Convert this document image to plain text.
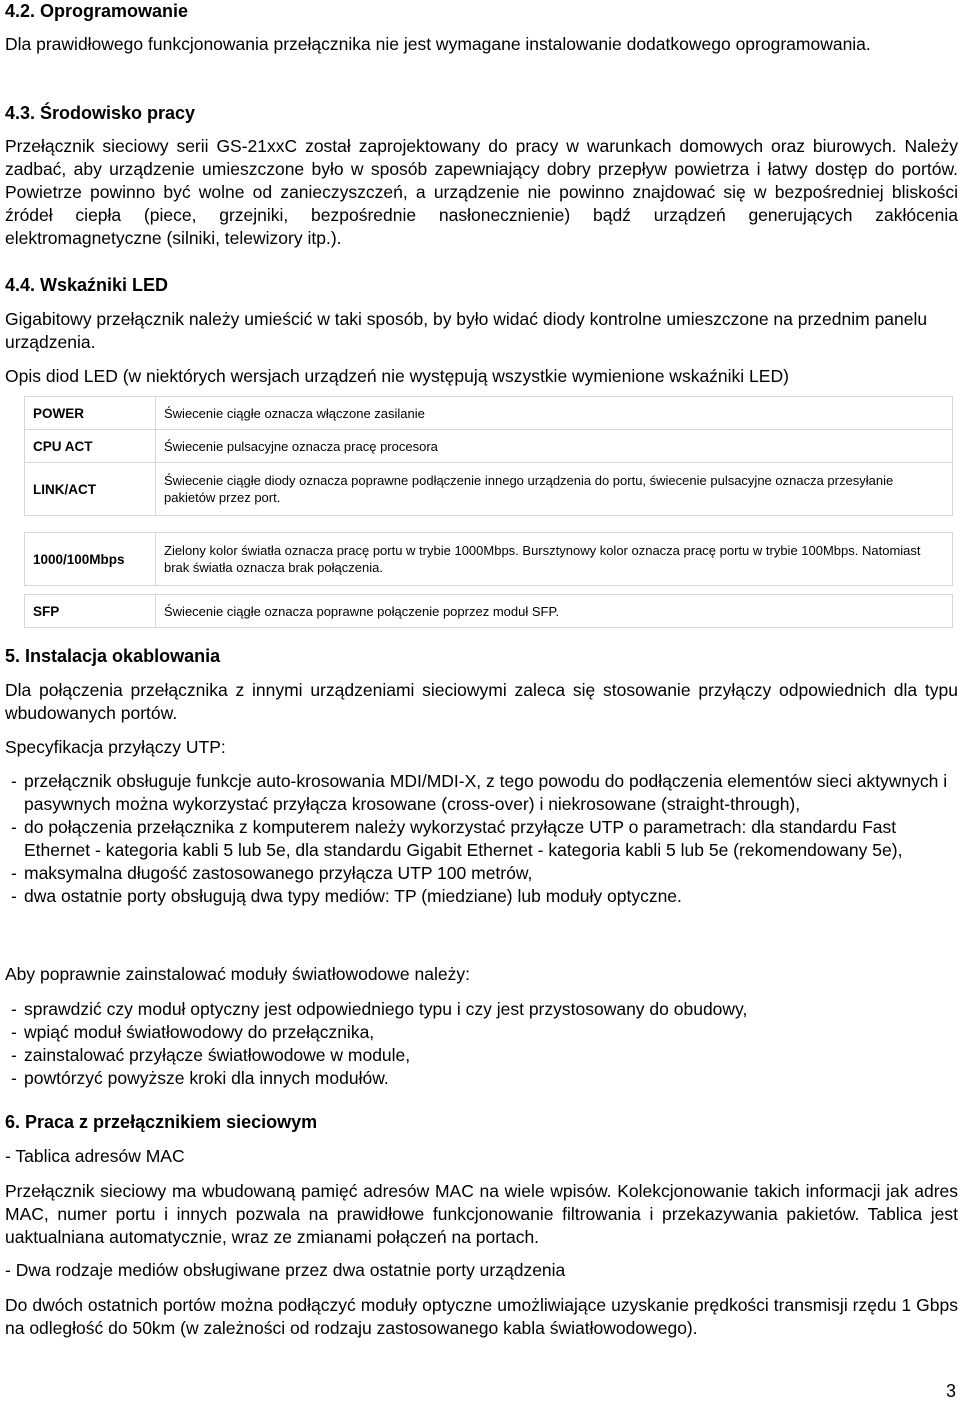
4.2. Oprogramowanie

Dla prawidłowego funkcjonowania przełącznika nie jest wymagane instalowanie dodatkowego oprogramowania.

4.3. Środowisko pracy

Przełącznik sieciowy serii GS-21xxC został zaprojektowany do pracy w warunkach domowych oraz biurowych. Należy zadbać, aby urządzenie umieszczone było w sposób zapewniający dobry przepływ powietrza i łatwy dostęp do portów. Powietrze powinno być wolne od zanieczyszczeń, a urządzenie nie powinno znajdować się w bezpośredniej bliskości źródeł ciepła (piece, grzejniki, bezpośrednie nasłonecznienie) bądź urządzeń generujących zakłócenia elektromagnetyczne (silniki, telewizory itp.).

4.4. Wskaźniki LED

Gigabitowy przełącznik należy umieścić w taki sposób, by było widać diody kontrolne umieszczone na przednim panelu urządzenia.

Opis diod LED (w niektórych wersjach urządzeń nie występują wszystkie wymienione wskaźniki LED)

POWER	Świecenie ciągłe oznacza włączone zasilanie
CPU ACT	Świecenie pulsacyjne oznacza pracę procesora
LINK/ACT	Świecenie ciągłe diody oznacza poprawne podłączenie innego urządzenia do portu, świecenie pulsacyjne oznacza przesyłanie pakietów przez port.

1000/100Mbps	Zielony kolor światła oznacza pracę portu w trybie 1000Mbps. Bursztynowy kolor oznacza pracę portu w trybie 100Mbps. Natomiast brak światła oznacza brak połączenia.

SFP	Świecenie ciągłe oznacza poprawne połączenie poprzez moduł SFP.
5. Instalacja okablowania

Dla połączenia przełącznika z innymi urządzeniami sieciowymi zaleca się stosowanie przyłączy odpowiednich dla typu wbudowanych portów.

Specyfikacja przyłączy UTP:

- przełącznik obsługuje funkcje auto-krosowania MDI/MDI-X, z tego powodu do podłączenia elementów sieci aktywnych i pasywnych można wykorzystać przyłącza krosowane (cross-over) i niekrosowane (straight-through),
- do połączenia przełącznika z komputerem należy wykorzystać przyłącze UTP o parametrach: dla standardu Fast Ethernet - kategoria kabli 5 lub 5e, dla standardu Gigabit Ethernet - kategoria kabli 5 lub 5e (rekomendowany 5e),
- maksymalna długość zastosowanego przyłącza UTP 100 metrów,
- dwa ostatnie porty obsługują dwa typy mediów: TP (miedziane) lub moduły optyczne.

Aby poprawnie zainstalować moduły światłowodowe należy:

- sprawdzić czy moduł optyczny jest odpowiedniego typu i czy jest przystosowany do obudowy,
- wpiąć moduł światłowodowy do przełącznika,
- zainstalować przyłącze światłowodowe w module,
- powtórzyć powyższe kroki dla innych modułów.
6. Praca z przełącznikiem sieciowym

- Tablica adresów MAC

Przełącznik sieciowy ma wbudowaną pamięć adresów MAC na wiele wpisów. Kolekcjonowanie takich informacji jak adres MAC, numer portu i innych pozwala na prawidłowe funkcjonowanie filtrowania i przekazywania pakietów. Tablica jest uaktualniana automatycznie, wraz ze zmianami połączeń na portach.

- Dwa rodzaje mediów obsługiwane przez dwa ostatnie porty urządzenia

Do dwóch ostatnich portów można podłączyć moduły optyczne umożliwiające uzyskanie prędkości transmisji rzędu 1 Gbps na odległość do 50km (w zależności od rodzaju zastosowanego kabla światłowodowego).

3
